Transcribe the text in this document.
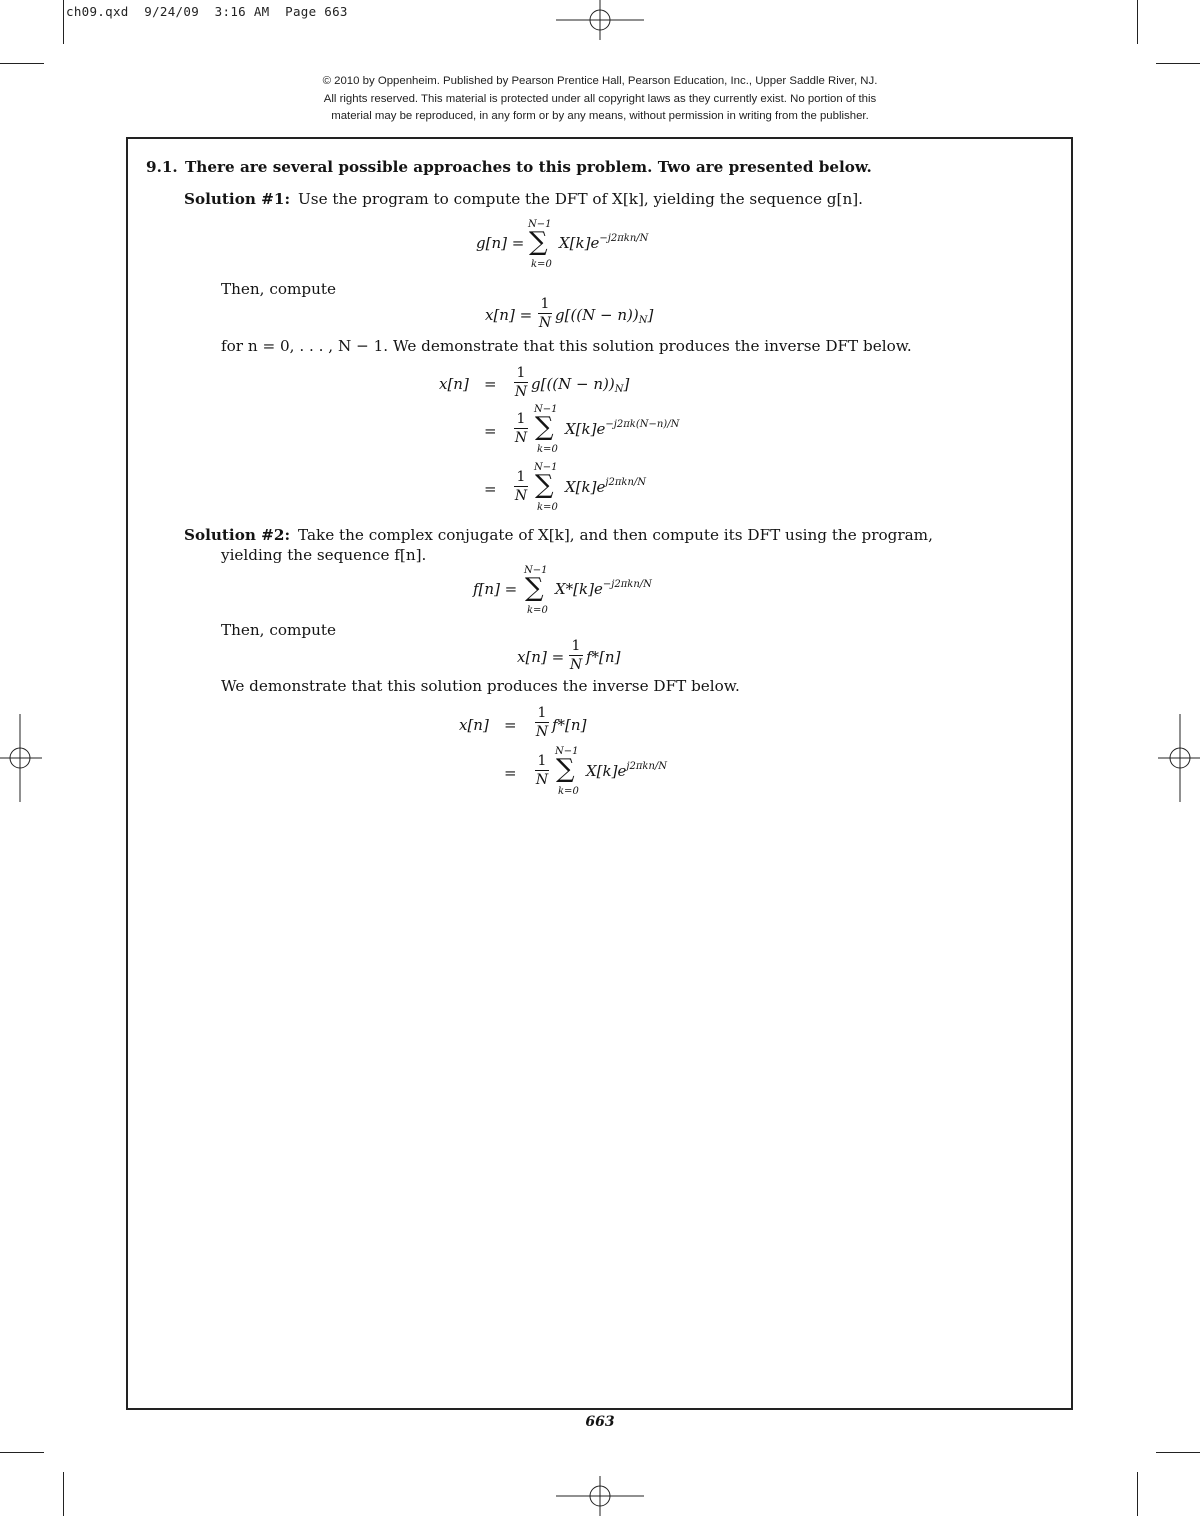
ch09.qxd  9/24/09  3:16 AM  Page 663
© 2010 by Oppenheim. Published by Pearson Prentice Hall, Pearson Education, Inc., Upper Saddle River, NJ.
All rights reserved. This material is protected under all copyright laws as they currently exist. No portion of this
material may be reproduced, in any form or by any means, without permission in writing from the publisher.
9.1. There are several possible approaches to this problem. Two are presented below.
Solution #1: Use the program to compute the DFT of X[k], yielding the sequence g[n].
g[n] =
N−1
∑
k=0
$X[k]e^{-j2\pi kn/N}$
Then, compute
x[n] =
1
N $g[((N - n))_N]$
for n = 0, . . . , N − 1. We demonstrate that this solution produces the inverse DFT below.
x[n] =
1
N $g[((N - n))_N]$
=
1
N
N−1
∑
k=0
$X[k]e^{-j2\pi k(N-n)/N}$
=
1
N
N−1
∑
k=0
$X[k]e^{j2\pi kn/N}$
Solution #2: Take the complex conjugate of X[k], and then compute its DFT using the program,
yielding the sequence f[n].
f[n] =
N−1
∑
k=0
$X*[k]e^{-j2\pi kn/N}$
Then, compute
x[n] =
1
N f*[n]
We demonstrate that this solution produces the inverse DFT below.
x[n] =
1
N f*[n]
=
1
N
N−1
∑
k=0
$X[k]e^{j2\pi kn/N}$
663
